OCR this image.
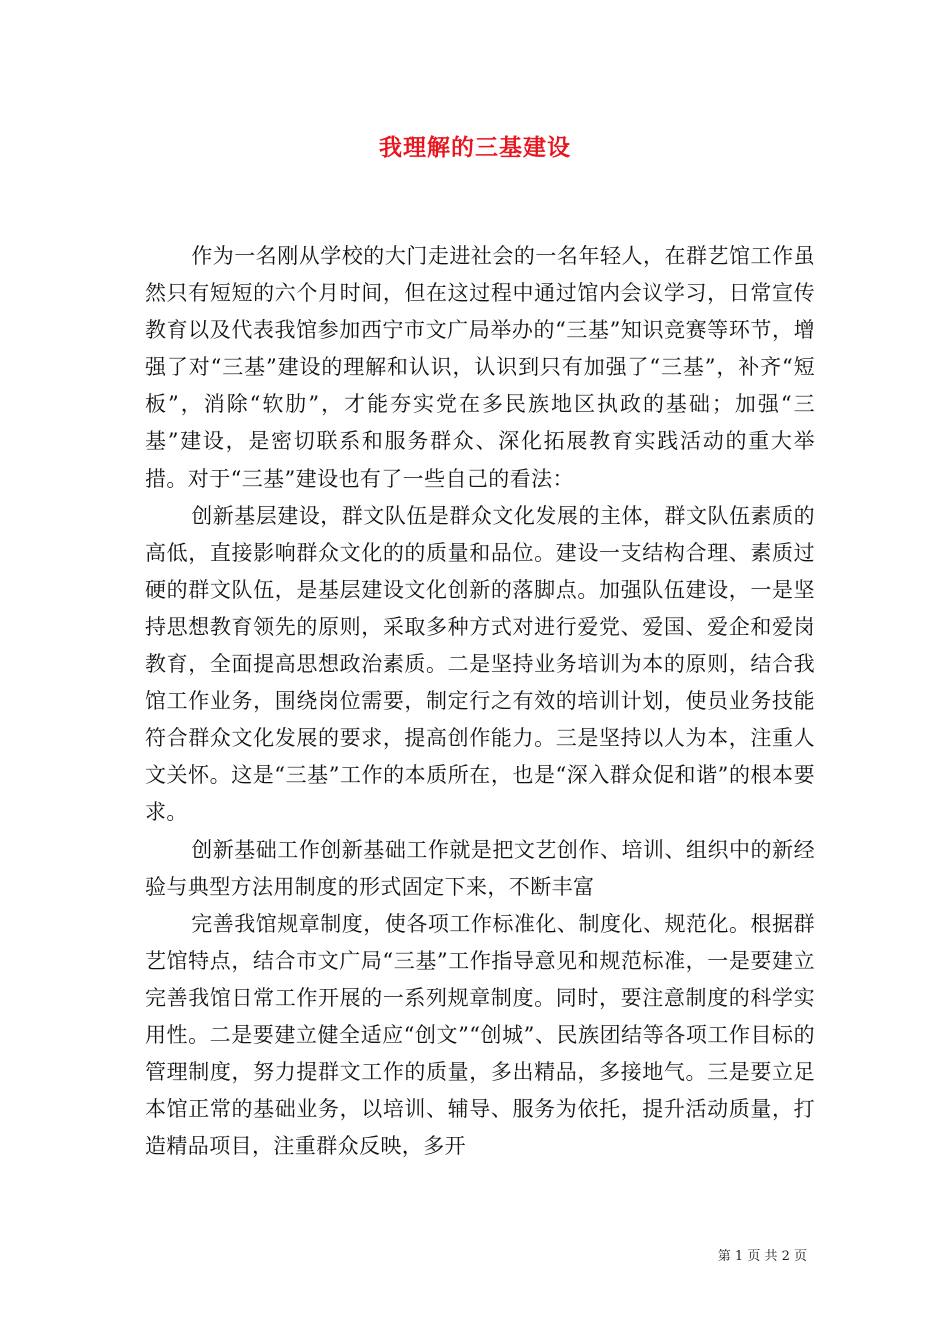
我理解的三基建设

作为一名刚从学校的大门走进社会的一名年轻人，在群艺馆工作虽然只有短短的六个月时间，但在这过程中通过馆内会议学习，日常宣传教育以及代表我馆参加西宁市文广局举办的“三基”知识竞赛等环节，增强了对“三基”建设的理解和认识，认识到只有加强了“三基”，补齐“短板”，消除“软肋”，才能夯实党在多民族地区执政的基础；加强“三基”建设，是密切联系和服务群众、深化拓展教育实践活动的重大举措。对于“三基”建设也有了一些自己的看法：

创新基层建设，群文队伍是群众文化发展的主体，群文队伍素质的高低，直接影响群众文化的的质量和品位。建设一支结构合理、素质过硬的群文队伍，是基层建设文化创新的落脚点。加强队伍建设，一是坚持思想教育领先的原则，采取多种方式对进行爱党、爱国、爱企和爱岗教育，全面提高思想政治素质。二是坚持业务培训为本的原则，结合我馆工作业务，围绕岗位需要，制定行之有效的培训计划，使员业务技能符合群众文化发展的要求，提高创作能力。三是坚持以人为本，注重人文关怀。这是“三基”工作的本质所在，也是“深入群众促和谐”的根本要求。

创新基础工作创新基础工作就是把文艺创作、培训、组织中的新经验与典型方法用制度的形式固定下来，不断丰富

完善我馆规章制度，使各项工作标准化、制度化、规范化。根据群艺馆特点，结合市文广局“三基”工作指导意见和规范标准，一是要建立完善我馆日常工作开展的一系列规章制度。同时，要注意制度的科学实用性。二是要建立健全适应“创文”“创城”、民族团结等各项工作目标的管理制度，努力提群文工作的质量，多出精品，多接地气。三是要立足本馆正常的基础业务，以培训、辅导、服务为依托，提升活动质量，打造精品项目，注重群众反映，多开

第 1 页 共 2 页
